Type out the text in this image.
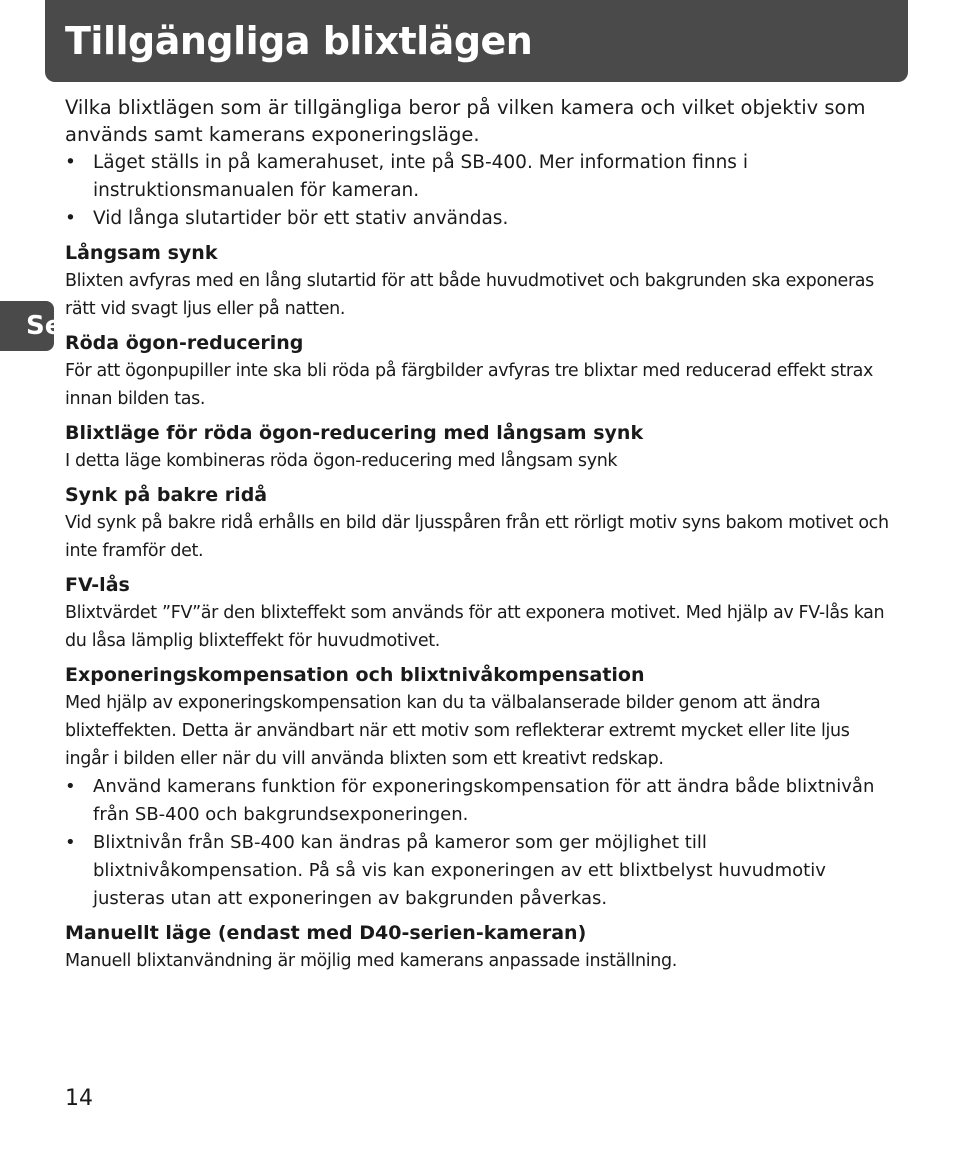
Tillgängliga blixtlägen
Se

Vilka blixtlägen som är tillgängliga beror på vilken kamera och vilket objektiv som används samt kamerans exponeringsläge.

• Läget ställs in på kamerahuset, inte på SB-400. Mer information finns i instruktionsmanualen för kameran.
• Vid långa slutartider bör ett stativ användas.
Långsam synk

Blixten avfyras med en lång slutartid för att både huvudmotivet och bakgrunden ska exponeras rätt vid svagt ljus eller på natten.

Röda ögon-reducering

För att ögonpupiller inte ska bli röda på färgbilder avfyras tre blixtar med reducerad effekt strax innan bilden tas.

Blixtläge för röda ögon-reducering med långsam synk

I detta läge kombineras röda ögon-reducering med långsam synk

Synk på bakre ridå

Vid synk på bakre ridå erhålls en bild där ljusspåren från ett rörligt motiv syns bakom motivet och inte framför det.

FV-lås

Blixtvärdet ”FV”är den blixteffekt som används för att exponera motivet. Med hjälp av FV-lås kan du låsa lämplig blixteffekt för huvudmotivet.

Exponeringskompensation och blixtnivåkompensation

Med hjälp av exponeringskompensation kan du ta välbalanserade bilder genom att ändra blixteffekten. Detta är användbart när ett motiv som reflekterar extremt mycket eller lite ljus ingår i bilden eller när du vill använda blixten som ett kreativt redskap.

• Använd kamerans funktion för exponeringskompensation för att ändra både blixtnivån från SB-400 och bakgrundsexponeringen.
• Blixtnivån från SB-400 kan ändras på kameror som ger möjlighet till blixtnivåkompensation. På så vis kan exponeringen av ett blixtbelyst huvudmotiv justeras utan att exponeringen av bakgrunden påverkas.
Manuellt läge (endast med D40-serien-kameran)

Manuell blixtanvändning är möjlig med kamerans anpassade inställning.

14
